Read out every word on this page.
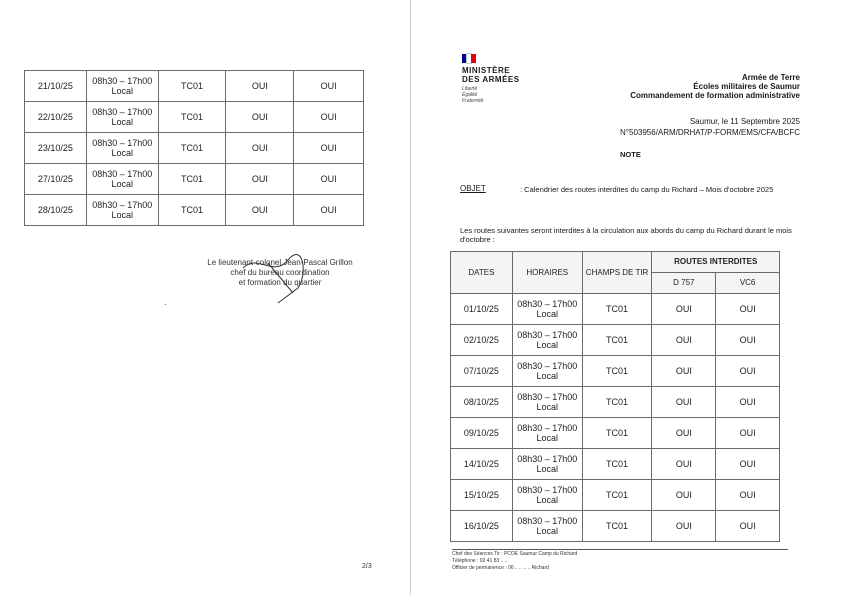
21/10/25	08h30 – 17h00
Local	TC01	OUI	OUI

22/10/25	08h30 – 17h00
Local	TC01	OUI	OUI

23/10/25	08h30 – 17h00
Local	TC01	OUI	OUI

27/10/25	08h30 – 17h00
Local	TC01	OUI	OUI

28/10/25	08h30 – 17h00
Local	TC01	OUI	OUI
Le lieutenant-colonel Jean-Pascal Grillon
chef du bureau coordination
et formation du quartier
·
2/3
MINISTÈRE
DES ARMÉES
Liberté
Égalité
Fraternité
Armée de Terre
Écoles militaires de Saumur
Commandement de formation administrative
Saumur, le 11 Septembre 2025
N°503956/ARM/DRHAT/P-FORM/EMS/CFA/BCFC
NOTE
OBJET	: Calendrier des routes interdites du camp du Richard – Mois d'octobre 2025
Les routes suivantes seront interdites à la circulation aux abords du camp du Richard durant le mois d'octobre :
DATES	HORAIRES	CHAMPS DE TIR	ROUTES INTERDITES	
			D 757	VC6

01/10/25	08h30 – 17h00
Local	TC01	OUI	OUI

02/10/25	08h30 – 17h00
Local	TC01	OUI	OUI

07/10/25	08h30 – 17h00
Local	TC01	OUI	OUI

08/10/25	08h30 – 17h00
Local	TC01	OUI	OUI

09/10/25	08h30 – 17h00
Local	TC01	OUI	OUI

14/10/25	08h30 – 17h00
Local	TC01	OUI	OUI

15/10/25	08h30 – 17h00
Local	TC01	OUI	OUI

16/10/25	08h30 – 17h00
Local	TC01	OUI	OUI
Chef des Séances Tir : PCOE Saumur Camp du Richard
Téléphone : 02 41 83 .. ..
Officier de permanence : 06 .. .. .. .. Richard
